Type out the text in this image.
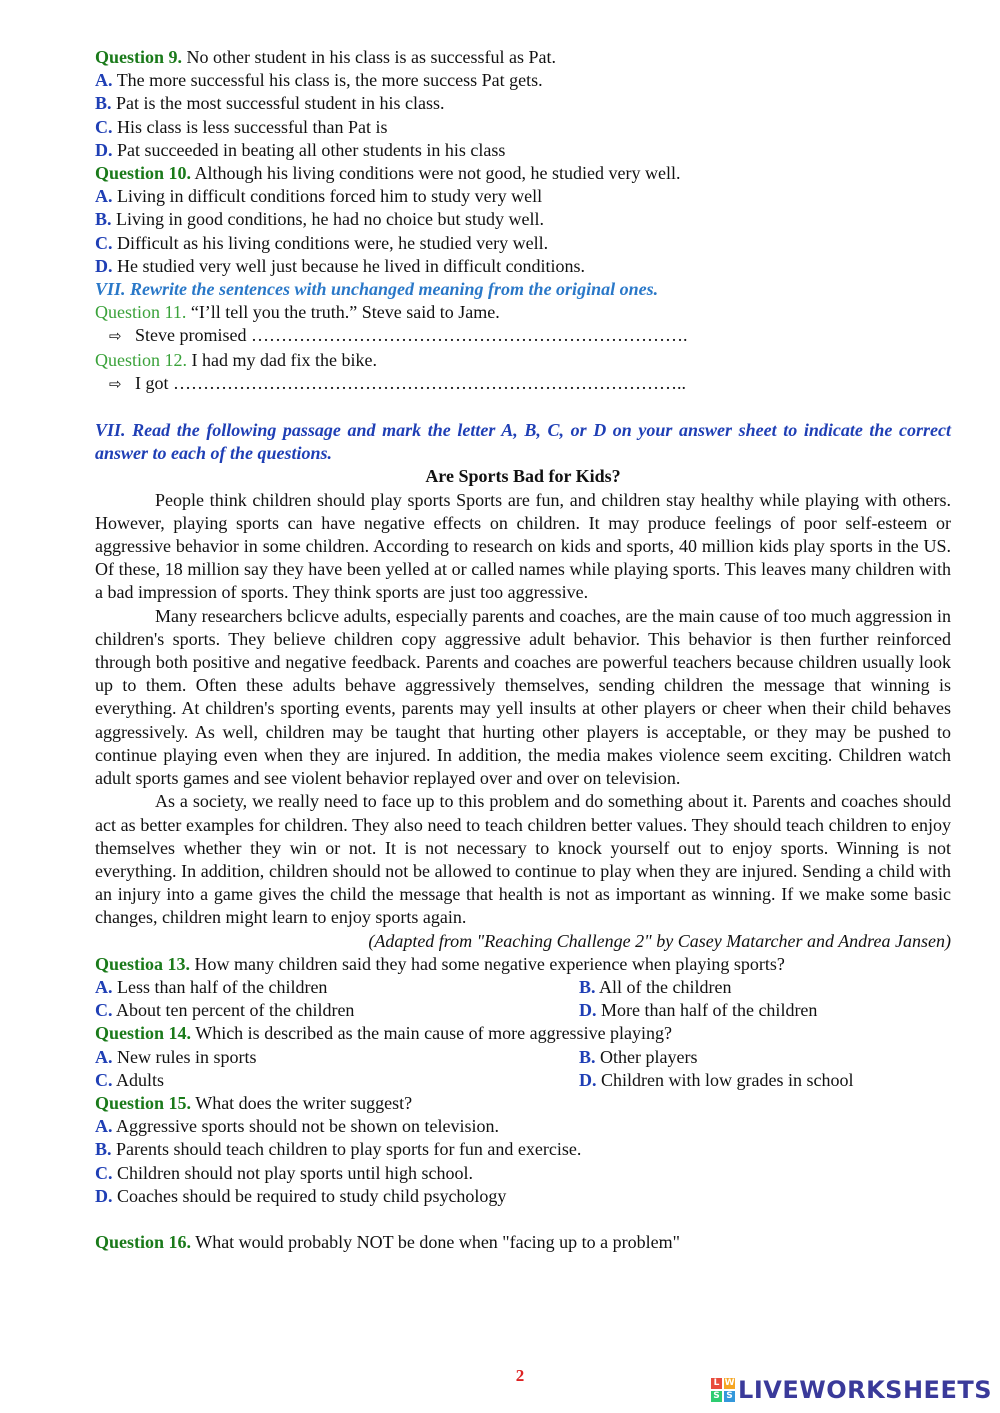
Question 9. No other student in his class is as successful as Pat.
A. The more successful his class is, the more success Pat gets.
B. Pat is the most successful student in his class.
C. His class is less successful than Pat is
D. Pat succeeded in beating all other students in his class
Question 10. Although his living conditions were not good, he studied very well.
A. Living in difficult conditions forced him to study very well
B. Living in good conditions, he had no choice but study well.
C. Difficult as his living conditions were, he studied very well.
D. He studied very well just because he lived in difficult conditions.
VII. Rewrite the sentences with unchanged meaning from the original ones.
Question 11. “I’ll tell you the truth.” Steve said to Jame.
⇨ Steve promised ……………………………………………………………….
Question 12. I had my dad fix the bike.
⇨ I got …………………………………………………………………………..
VII. Read the following passage and mark the letter A, B, C, or D on your answer sheet to indicate the correct answer to each of the questions.
Are Sports Bad for Kids?

People think children should play sports Sports are fun, and children stay healthy while playing with others. However, playing sports can have negative effects on children. It may produce feelings of poor self-esteem or aggressive behavior in some children. According to research on kids and sports, 40 million kids play sports in the US. Of these, 18 million say they have been yelled at or called names while playing sports. This leaves many children with a bad impression of sports. They think sports are just too aggressive.

Many researchers bclicve adults, especially parents and coaches, are the main cause of too much aggression in children's sports. They believe children copy aggressive adult behavior. This behavior is then further reinforced through both positive and negative feedback. Parents and coaches are powerful teachers because children usually look up to them. Often these adults behave aggressively themselves, sending children the message that winning is everything. At children's sporting events, parents may yell insults at other players or cheer when their child behaves aggressively. As well, children may be taught that hurting other players is acceptable, or they may be pushed to continue playing even when they are injured. In addition, the media makes violence seem exciting. Children watch adult sports games and see violent behavior replayed over and over on television.

As a society, we really need to face up to this problem and do something about it. Parents and coaches should act as better examples for children. They also need to teach children better values. They should teach children to enjoy themselves whether they win or not. It is not necessary to knock yourself out to enjoy sports. Winning is not everything. In addition, children should not be allowed to continue to play when they are injured. Sending a child with an injury into a game gives the child the message that health is not as important as winning. If we make some basic changes, children might learn to enjoy sports again.

(Adapted from "Reaching Challenge 2" by Casey Matarcher and Andrea Jansen)
Questioa 13. How many children said they had some negative experience when playing sports?
A. Less than half of the children	B. All of the children
C. About ten percent of the children	D. More than half of the children
Question 14. Which is described as the main cause of more aggressive playing?
A. New rules in sports	B. Other players
C. Adults	D. Children with low grades in school
Question 15. What does the writer suggest?
A. Aggressive sports should not be shown on television.
B. Parents should teach children to play sports for fun and exercise.
C. Children should not play sports until high school.
D. Coaches should be required to study child psychology
Question 16. What would probably NOT be done when "facing up to a problem"
2	L W
S S LIVEWORKSHEETS
